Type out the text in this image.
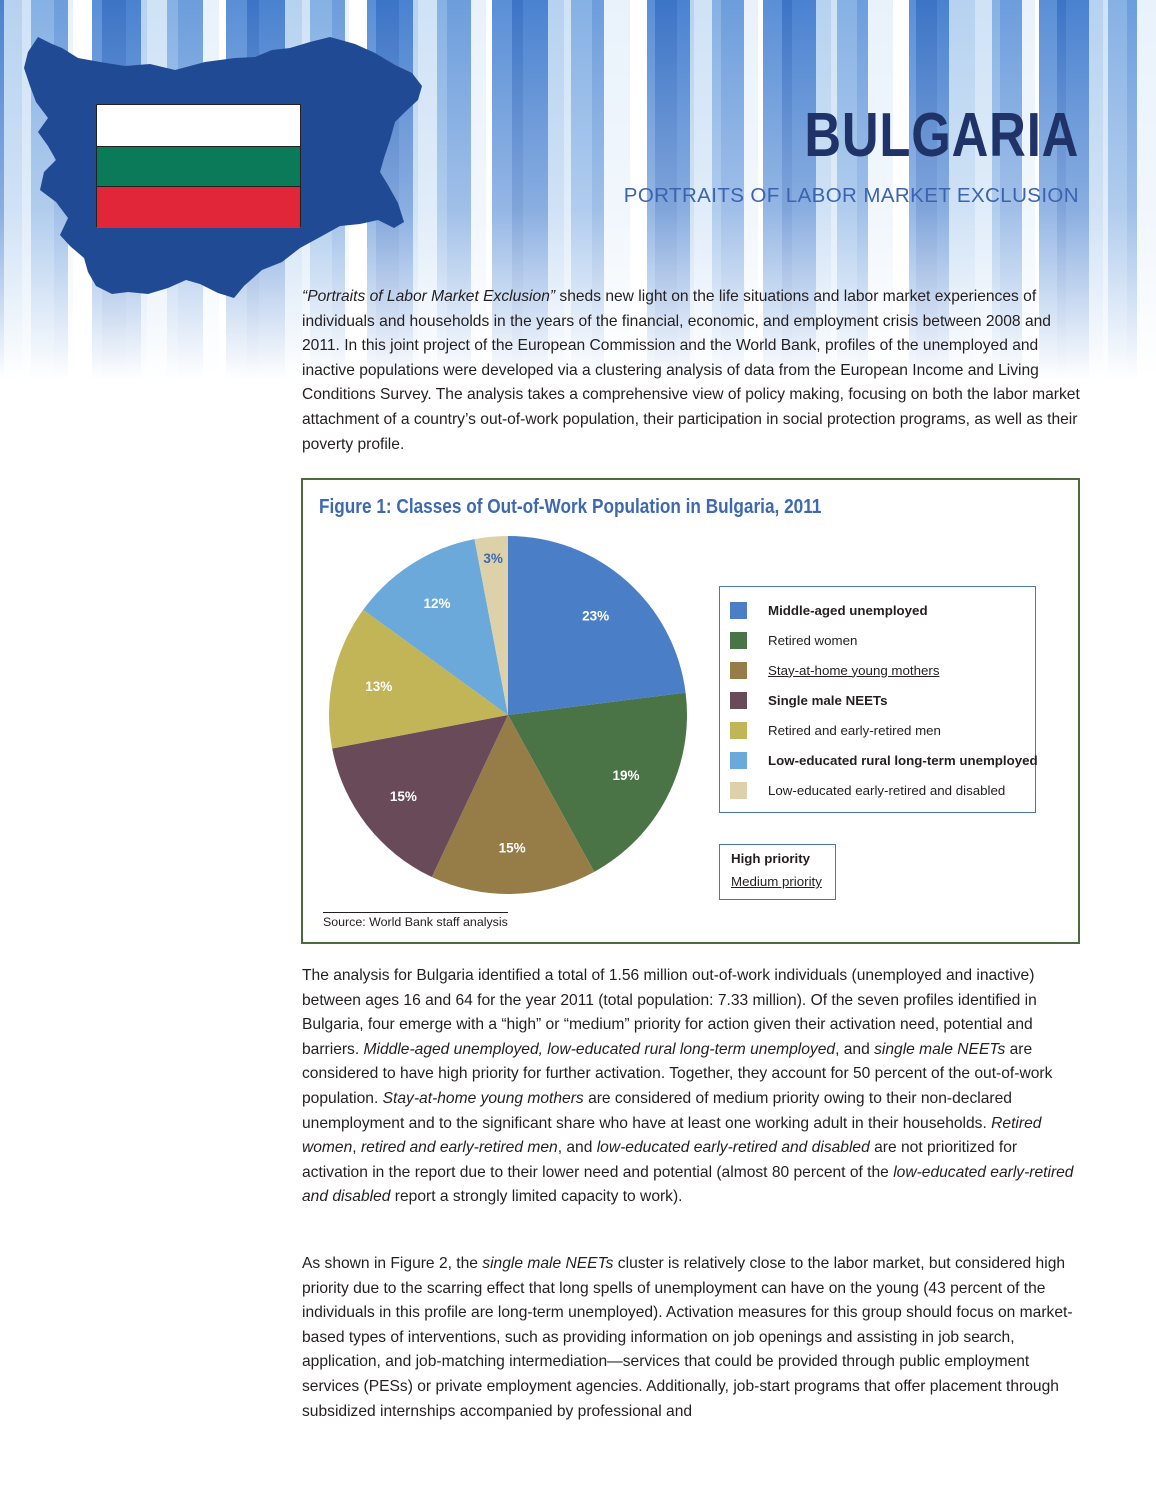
BULGARIA
PORTRAITS OF LABOR MARKET EXCLUSION

“Portraits of Labor Market Exclusion” sheds new light on the life situations and labor market experiences of individuals and households in the years of the financial, economic, and employment crisis between 2008 and 2011. In this joint project of the European Commission and the World Bank, profiles of the unemployed and inactive populations were developed via a clustering analysis of data from the European Income and Living Conditions Survey. The analysis takes a comprehensive view of policy making, focusing on both the labor market attachment of a country’s out-of-work population, their participation in social protection programs, as well as their poverty profile.

Figure 1: Classes of Out-of-Work Population in Bulgaria, 2011
23%
19%
15%
15%
13%
12%
3%
Middle-aged unemployed
Retired women
Stay-at-home young mothers
Single male NEETs
Retired and early-retired men
Low-educated rural long-term unemployed
Low-educated early-retired and disabled
High priority
Medium priority
Source: World Bank staff analysis

The analysis for Bulgaria identified a total of 1.56 million out-of-work individuals (unemployed and inactive) between ages 16 and 64 for the year 2011 (total population: 7.33 million). Of the seven profiles identified in Bulgaria, four emerge with a “high” or “medium” priority for action given their activation need, potential and barriers. Middle-aged unemployed, low-educated rural long-term unemployed, and single male NEETs are considered to have high priority for further activation. Together, they account for 50 percent of the out-of-work population. Stay-at-home young mothers are considered of medium priority owing to their non-declared unemployment and to the significant share who have at least one working adult in their households. Retired women, retired and early-retired men, and low-educated early-retired and disabled are not prioritized for activation in the report due to their lower need and potential (almost 80 percent of the low-educated early-retired and disabled report a strongly limited capacity to work).

As shown in Figure 2, the single male NEETs cluster is relatively close to the labor market, but considered high priority due to the scarring effect that long spells of unemployment can have on the young (43 percent of the individuals in this profile are long-term unemployed). Activation measures for this group should focus on market-based types of interventions, such as providing information on job openings and assisting in job search, application, and job-matching intermediation—services that could be provided through public employment services (PESs) or private employment agencies. Additionally, job-start programs that offer placement through subsidized internships accompanied by professional and
